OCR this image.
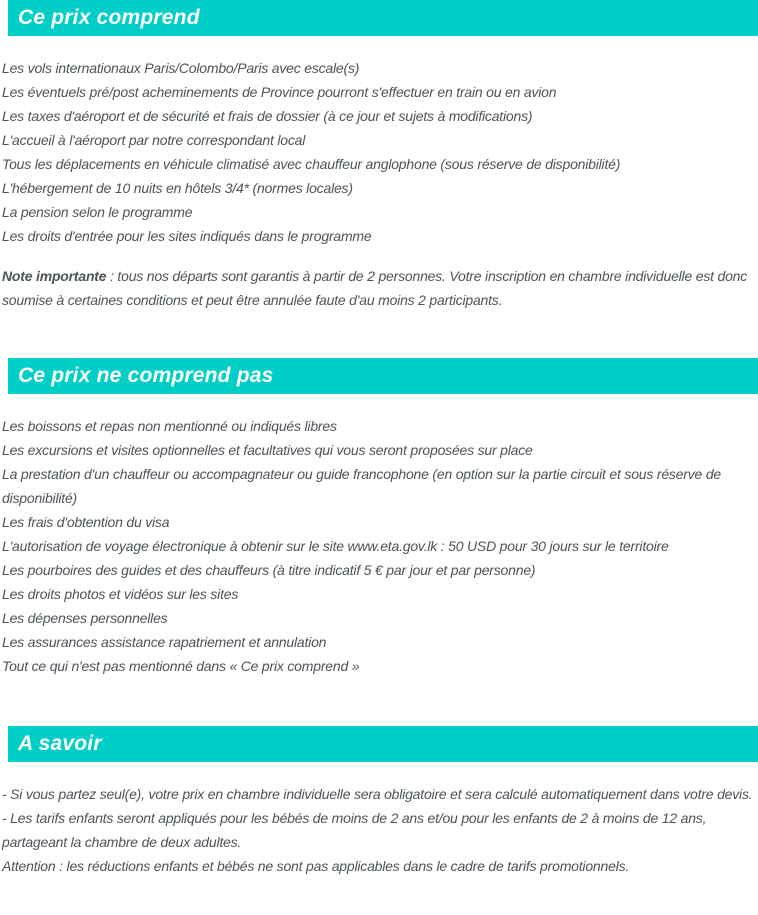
Ce prix comprend

Les vols internationaux Paris/Colombo/Paris avec escale(s)

Les éventuels pré/post acheminements de Province pourront s'effectuer en train ou en avion

Les taxes d'aéroport et de sécurité et frais de dossier (à ce jour et sujets à modifications)

L'accueil à l'aéroport par notre correspondant local

Tous les déplacements en véhicule climatisé avec chauffeur anglophone (sous réserve de disponibilité)

L'hébergement de 10 nuits en hôtels 3/4* (normes locales)

La pension selon le programme

Les droits d'entrée pour les sites indiqués dans le programme

Note importante : tous nos départs sont garantis à partir de 2 personnes. Votre inscription en chambre individuelle est donc soumise à certaines conditions et peut être annulée faute d'au moins 2 participants.

Ce prix ne comprend pas

Les boissons et repas non mentionné ou indiqués libres

Les excursions et visites optionnelles et facultatives qui vous seront proposées sur place

La prestation d'un chauffeur ou accompagnateur ou guide francophone (en option sur la partie circuit et sous réserve de disponibilité)

Les frais d'obtention du visa

L'autorisation de voyage électronique à obtenir sur le site www.eta.gov.lk : 50 USD pour 30 jours sur le territoire

Les pourboires des guides et des chauffeurs (à titre indicatif 5 € par jour et par personne)

Les droits photos et vidéos sur les sites

Les dépenses personnelles

Les assurances assistance rapatriement et annulation

Tout ce qui n'est pas mentionné dans « Ce prix comprend »

A savoir

- Si vous partez seul(e), votre prix en chambre individuelle sera obligatoire et sera calculé automatiquement dans votre devis.

- Les tarifs enfants seront appliqués pour les bébés de moins de 2 ans et/ou pour les enfants de 2 à moins de 12 ans, partageant la chambre de deux adultes.

Attention : les réductions enfants et bébés ne sont pas applicables dans le cadre de tarifs promotionnels.
